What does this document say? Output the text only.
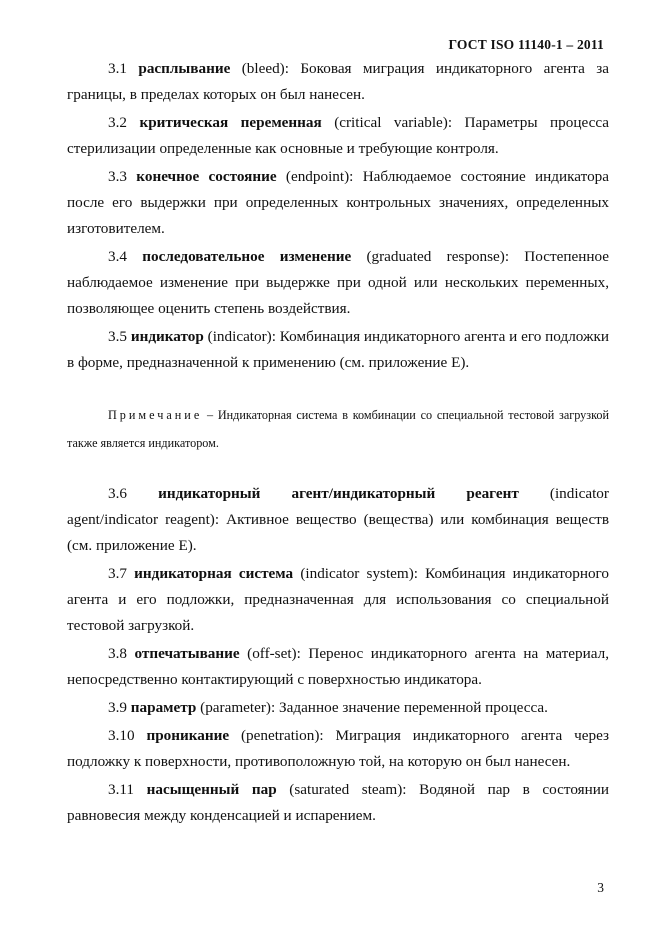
ГОСТ ISO 11140-1 – 2011

3.1 расплывание (bleed): Боковая миграция индикаторного агента за границы, в пределах которых он был нанесен.

3.2 критическая переменная (critical variable): Параметры процесса стерилизации определенные как основные и требующие контроля.

3.3 конечное состояние (endpoint): Наблюдаемое состояние индикатора после его выдержки при определенных контрольных значениях, определенных изготовителем.

3.4 последовательное изменение (graduated response): Постепенное наблюдаемое изменение при выдержке при одной или нескольких переменных, позволяющее оценить степень воздействия.

3.5 индикатор (indicator): Комбинация индикаторного агента и его подложки в форме, предназначенной к применению (см. приложение Е).

Примечание – Индикаторная система в комбинации со специальной тестовой загрузкой также является индикатором.

3.6 индикаторный агент/индикаторный реагент (indicator

agent/indicator reagent): Активное вещество (вещества) или комбинация веществ (см. приложение Е).

3.7 индикаторная система (indicator system): Комбинация индикаторного агента и его подложки, предназначенная для использования со специальной тестовой загрузкой.

3.8 отпечатывание (off-set): Перенос индикаторного агента на материал, непосредственно контактирующий с поверхностью индикатора.

3.9 параметр (parameter): Заданное значение переменной процесса.

3.10 проникание (penetration): Миграция индикаторного агента через подложку к поверхности, противоположную той, на которую он был нанесен.

3.11 насыщенный пар (saturated steam): Водяной пар в состоянии равновесия между конденсацией и испарением.

3
